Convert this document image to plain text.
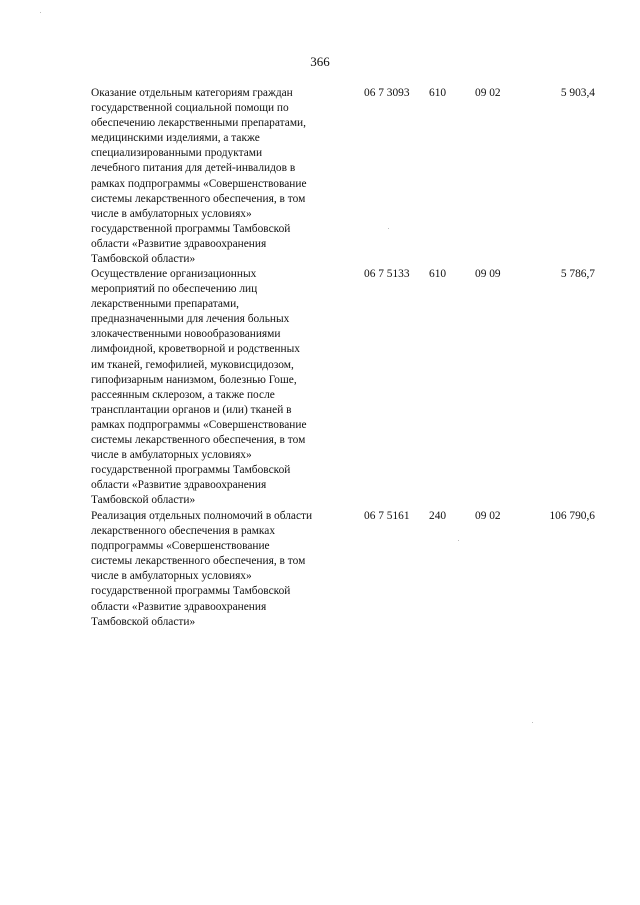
366
Оказание отдельным категориям граждан
государственной социальной помощи по
обеспечению лекарственными препаратами,
медицинскими изделиями, а также
специализированными продуктами
лечебного питания для детей-инвалидов в
рамках подпрограммы «Совершенствование
системы лекарственного обеспечения, в том
числе в амбулаторных условиях»
государственной программы Тамбовской
области «Развитие здравоохранения
Тамбовской области»
06 7 3093 610	09 02	5 903,4
Осуществление организационных
мероприятий по обеспечению лиц
лекарственными препаратами,
предназначенными для лечения больных
злокачественными новообразованиями
лимфоидной, кроветворной и родственных
им тканей, гемофилией, муковисцидозом,
гипофизарным нанизмом, болезнью Гоше,
рассеянным склерозом, а также после
трансплантации органов и (или) тканей в
рамках подпрограммы «Совершенствование
системы лекарственного обеспечения, в том
числе в амбулаторных условиях»
государственной программы Тамбовской
области «Развитие здравоохранения
Тамбовской области»
06 7 5133 610	09 09	5 786,7
Реализация отдельных полномочий в области
лекарственного обеспечения в рамках
подпрограммы «Совершенствование
системы лекарственного обеспечения, в том
числе в амбулаторных условиях»
государственной программы Тамбовской
области «Развитие здравоохранения
Тамбовской области»
06 7 5161 240	09 02	106 790,6
